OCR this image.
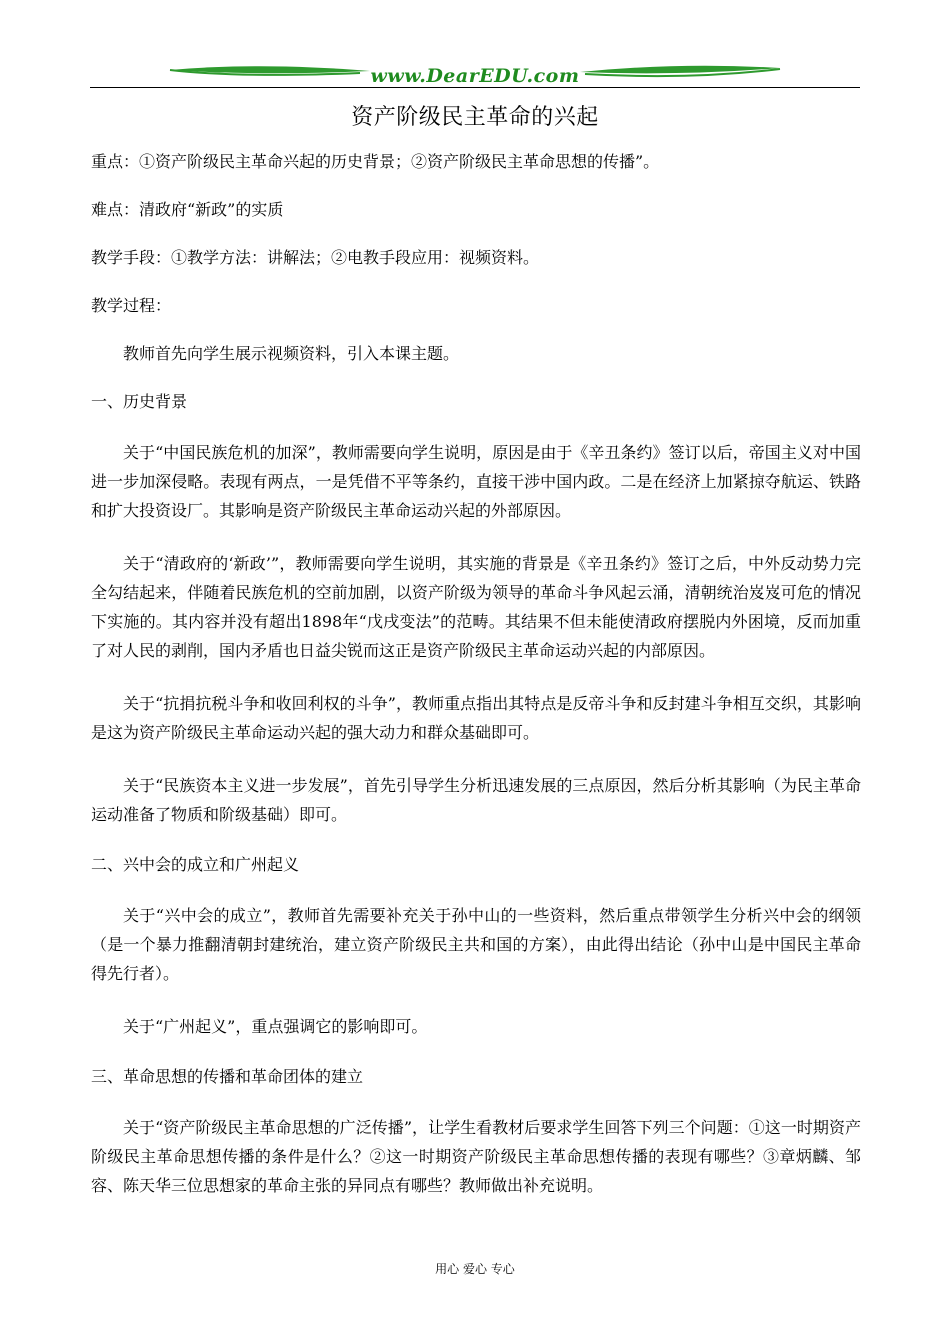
www.DearEDU.com
资产阶级民主革命的兴起

重点：①资产阶级民主革命兴起的历史背景；②资产阶级民主革命思想的传播”。

难点：清政府“新政”的实质

教学手段：①教学方法：讲解法；②电教手段应用：视频资料。

教学过程：

教师首先向学生展示视频资料，引入本课主题。

一、历史背景

关于“中国民族危机的加深”，教师需要向学生说明，原因是由于《辛丑条约》签订以后，帝国主义对中国进一步加深侵略。表现有两点，一是凭借不平等条约，直接干涉中国内政。二是在经济上加紧掠夺航运、铁路和扩大投资设厂。其影响是资产阶级民主革命运动兴起的外部原因。

关于“清政府的‘新政’”，教师需要向学生说明，其实施的背景是《辛丑条约》签订之后，中外反动势力完全勾结起来，伴随着民族危机的空前加剧，以资产阶级为领导的革命斗争风起云涌，清朝统治岌岌可危的情况下实施的。其内容并没有超出1898年“戊戌变法”的范畴。其结果不但未能使清政府摆脱内外困境，反而加重了对人民的剥削，国内矛盾也日益尖锐而这正是资产阶级民主革命运动兴起的内部原因。

关于“抗捐抗税斗争和收回利权的斗争”，教师重点指出其特点是反帝斗争和反封建斗争相互交织，其影响是这为资产阶级民主革命运动兴起的强大动力和群众基础即可。

关于“民族资本主义进一步发展”，首先引导学生分析迅速发展的三点原因，然后分析其影响（为民主革命运动准备了物质和阶级基础）即可。

二、兴中会的成立和广州起义

关于“兴中会的成立”，教师首先需要补充关于孙中山的一些资料，然后重点带领学生分析兴中会的纲领（是一个暴力推翻清朝封建统治，建立资产阶级民主共和国的方案），由此得出结论（孙中山是中国民主革命得先行者）。

关于“广州起义”，重点强调它的影响即可。

三、革命思想的传播和革命团体的建立

关于“资产阶级民主革命思想的广泛传播”，让学生看教材后要求学生回答下列三个问题：①这一时期资产阶级民主革命思想传播的条件是什么？②这一时期资产阶级民主革命思想传播的表现有哪些？③章炳麟、邹容、陈天华三位思想家的革命主张的异同点有哪些？教师做出补充说明。

用心 爱心 专心
